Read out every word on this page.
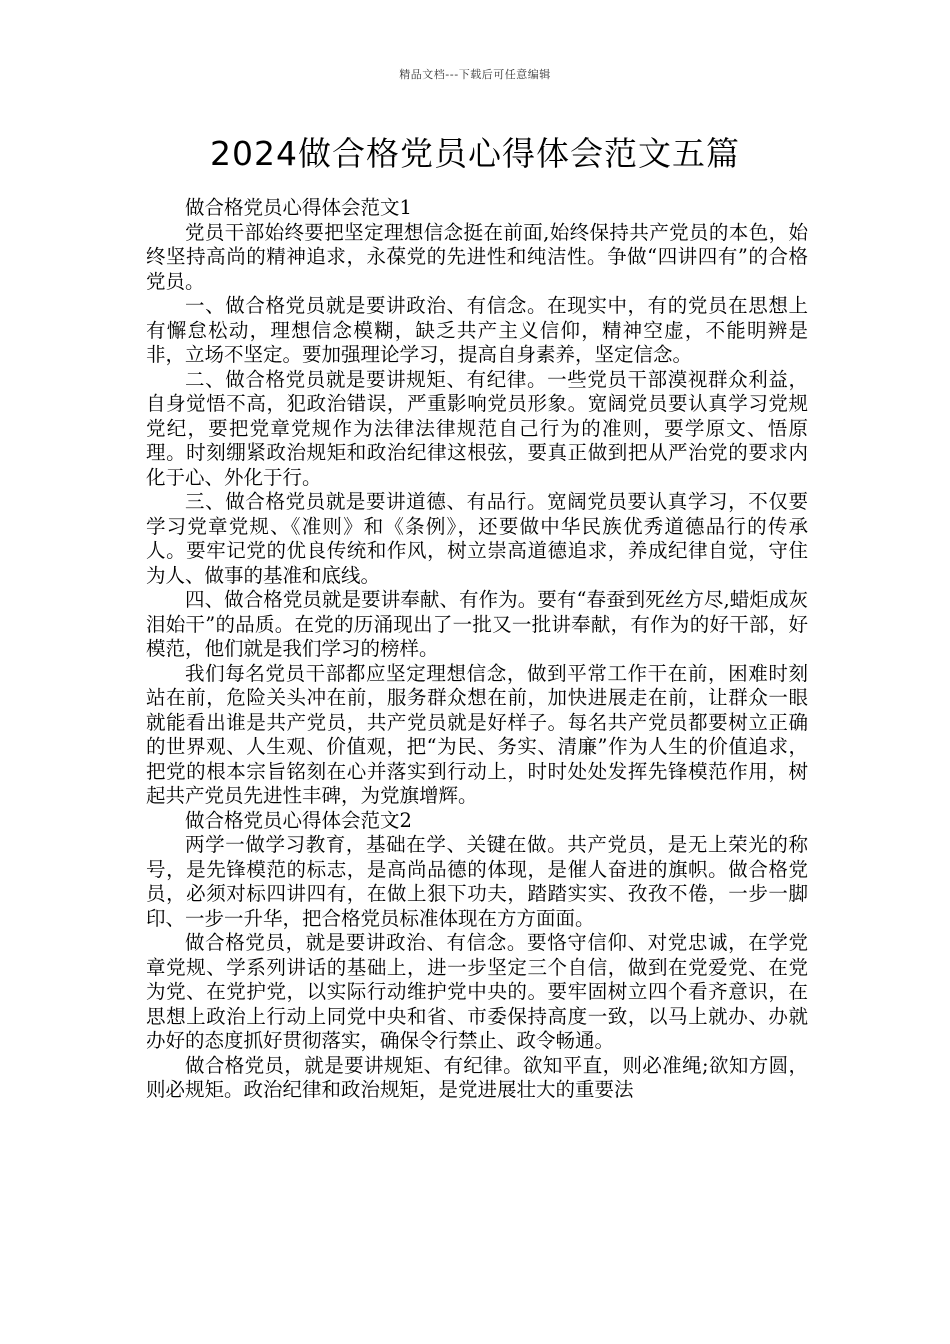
精品文档---下载后可任意编辑
2024做合格党员心得体会范文五篇

做合格党员心得体会范文1

党员干部始终要把坚定理想信念挺在前面,始终保持共产党员的本色，始终坚持高尚的精神追求，永葆党的先进性和纯洁性。争做“四讲四有”的合格党员。

一、做合格党员就是要讲政治、有信念。在现实中，有的党员在思想上有懈怠松动，理想信念模糊，缺乏共产主义信仰，精神空虚，不能明辨是非，立场不坚定。要加强理论学习，提高自身素养，坚定信念。

二、做合格党员就是要讲规矩、有纪律。一些党员干部漠视群众利益，自身觉悟不高，犯政治错误，严重影响党员形象。宽阔党员要认真学习党规党纪，要把党章党规作为法律法律规范自己行为的准则，要学原文、悟原理。时刻绷紧政治规矩和政治纪律这根弦，要真正做到把从严治党的要求内化于心、外化于行。

三、做合格党员就是要讲道德、有品行。宽阔党员要认真学习，不仅要学习党章党规、《准则》和《条例》，还要做中华民族优秀道德品行的传承人。要牢记党的优良传统和作风，树立崇高道德追求，养成纪律自觉，守住为人、做事的基准和底线。

四、做合格党员就是要讲奉献、有作为。要有“春蚕到死丝方尽,蜡炬成灰泪始干”的品质。在党的历涌现出了一批又一批讲奉献，有作为的好干部，好模范，他们就是我们学习的榜样。

我们每名党员干部都应坚定理想信念，做到平常工作干在前，困难时刻站在前，危险关头冲在前，服务群众想在前，加快进展走在前，让群众一眼就能看出谁是共产党员，共产党员就是好样子。每名共产党员都要树立正确的世界观、人生观、价值观，把“为民、务实、清廉”作为人生的价值追求，把党的根本宗旨铭刻在心并落实到行动上，时时处处发挥先锋模范作用，树起共产党员先进性丰碑，为党旗增辉。

做合格党员心得体会范文2

两学一做学习教育，基础在学、关键在做。共产党员，是无上荣光的称号，是先锋模范的标志，是高尚品德的体现，是催人奋进的旗帜。做合格党员，必须对标四讲四有，在做上狠下功夫，踏踏实实、孜孜不倦，一步一脚印、一步一升华，把合格党员标准体现在方方面面。

做合格党员，就是要讲政治、有信念。要恪守信仰、对党忠诚，在学党章党规、学系列讲话的基础上，进一步坚定三个自信，做到在党爱党、在党为党、在党护党，以实际行动维护党中央的。要牢固树立四个看齐意识，在思想上政治上行动上同党中央和省、市委保持高度一致，以马上就办、办就办好的态度抓好贯彻落实，确保令行禁止、政令畅通。

做合格党员，就是要讲规矩、有纪律。欲知平直，则必准绳;欲知方圆，则必规矩。政治纪律和政治规矩，是党进展壮大的重要法
